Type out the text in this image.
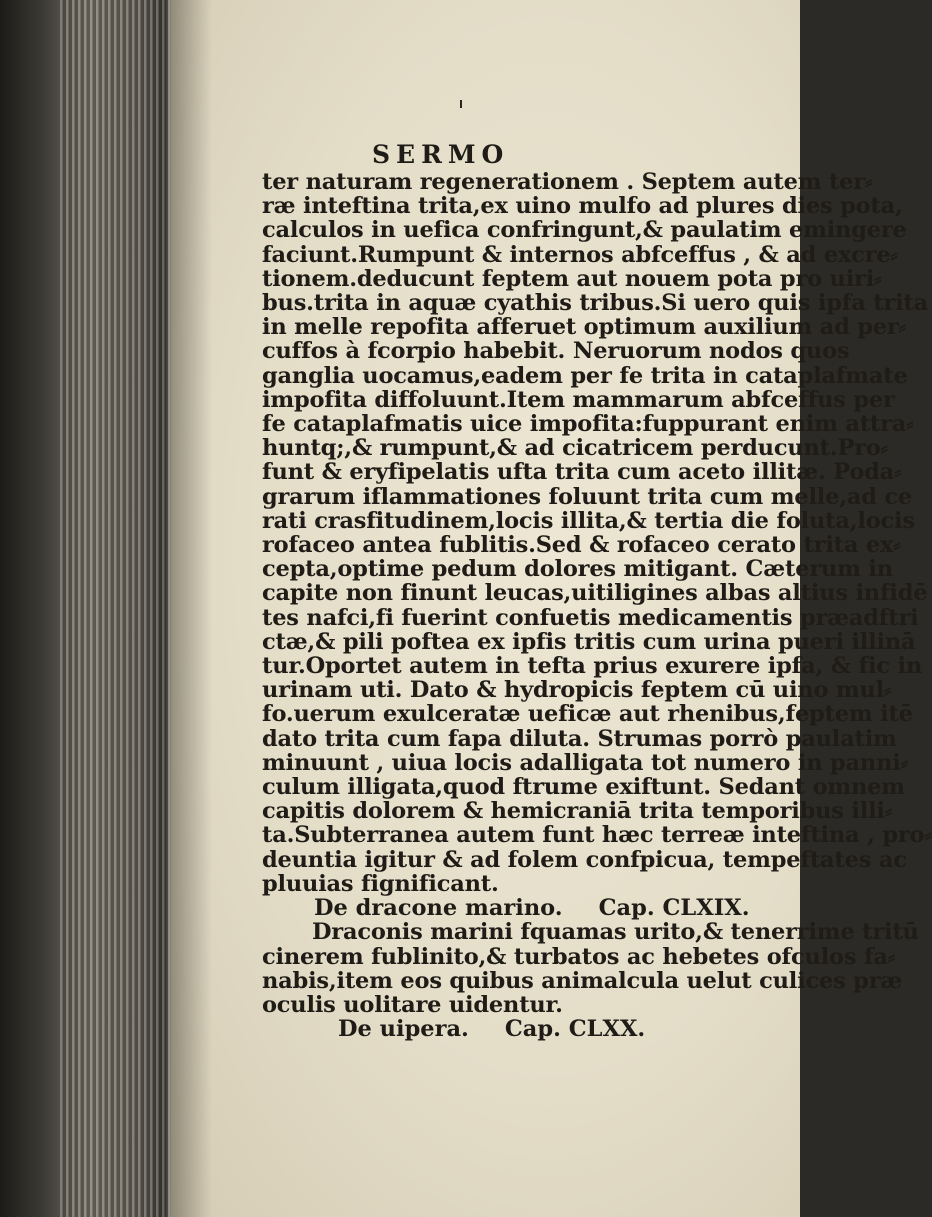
SERMO
ter naturam regenerationem . Septem autem ter⸗
ræ inteftina trita,ex uino mulfo ad plures dies pota,
calculos in uefica confringunt,& paulatim emingere
faciunt.Rumpunt & internos abfceffus , & ad excre⸗
tionem.deducunt feptem aut nouem pota pro uiri⸗
bus.trita in aquæ cyathis tribus.Si uero quis ipfa trita
in melle repofita afferuet optimum auxilium ad per⸗
cuffos à fcorpio habebit. Neruorum nodos quos
ganglia uocamus,eadem per fe trita in cataplafmate
impofita diffoluunt.Item mammarum abfceffus per
fe cataplafmatis uice impofita:fuppurant enim attra⸗
huntq;,& rumpunt,& ad cicatricem perducunt.Pro⸗
funt & eryfipelatis ufta trita cum aceto illitæ. Poda⸗
grarum iflammationes foluunt trita cum melle,ad ce
rati crasfitudinem,locis illita,& tertia die foluta,locis
rofaceo antea fublitis.Sed & rofaceo cerato trita ex⸗
cepta,optime pedum dolores mitigant. Cæterum in
capite non finunt leucas,uitiligines albas altius infidē
tes nafci,fi fuerint confuetis medicamentis præadftri
ctæ,& pili poftea ex ipfis tritis cum urina pueri illinā
tur.Oportet autem in tefta prius exurere ipfa, & fic in
urinam uti. Dato & hydropicis feptem cū uino mul⸗
fo.uerum exulceratæ ueficæ aut rhenibus,feptem itē
dato trita cum fapa diluta. Strumas porrò paulatim
minuunt , uiua locis adalligata tot numero in panni⸗
culum illigata,quod ftrume exiftunt. Sedant omnem
capitis dolorem & hemicraniā trita temporibus illi⸗
ta.Subterranea autem funt hæc terreæ inteftina , pro⸗
deuntia igitur & ad folem confpicua, tempeftates ac
pluuias fignificant.
De dracone marino. Cap. CLXIX.
Draconis marini fquamas urito,& tenerrime tritū
cinerem fublinito,& turbatos ac hebetes ofculos fa⸗
nabis,item eos quibus animalcula uelut culices præ
oculis uolitare uidentur.
De uipera. Cap. CLXX.
